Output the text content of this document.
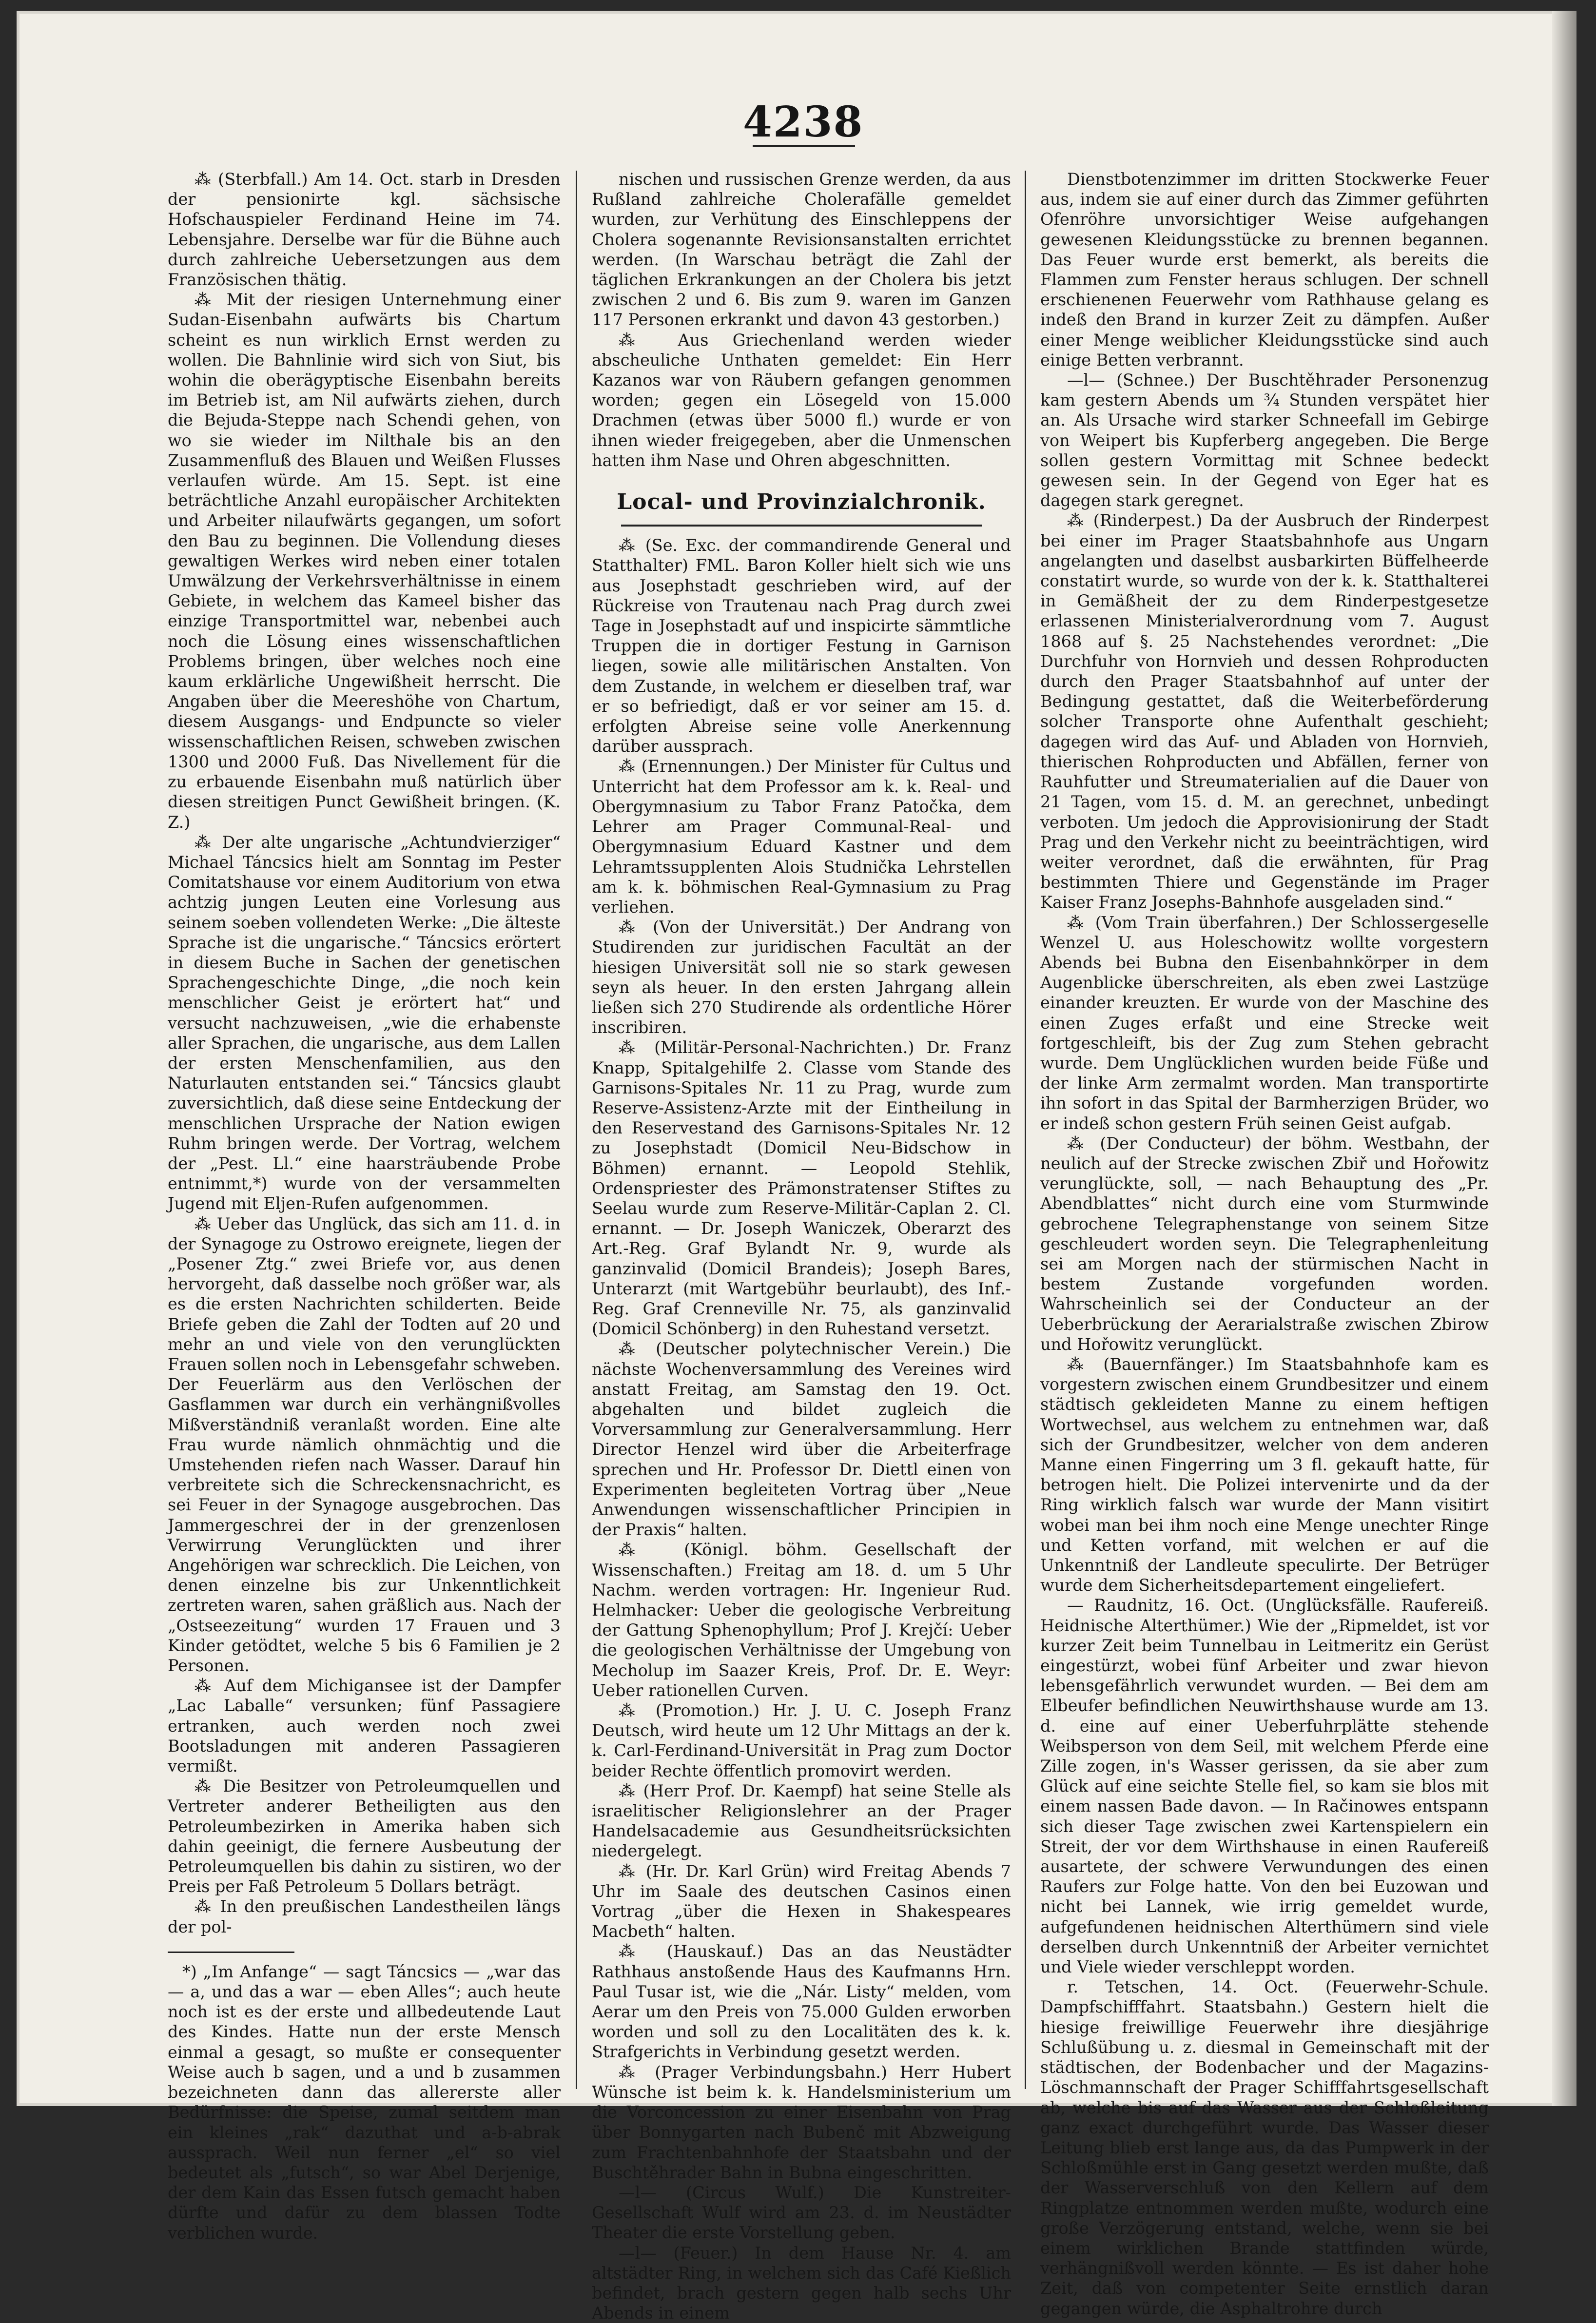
4238

⁂ (Sterbfall.) Am 14. Oct. starb in Dresden der pensionirte kgl. sächsische Hofschauspieler Ferdinand Heine im 74. Lebensjahre. Derselbe war für die Bühne auch durch zahlreiche Uebersetzungen aus dem Französischen thätig.

⁂ Mit der riesigen Unternehmung einer Sudan-Eisenbahn aufwärts bis Chartum scheint es nun wirklich Ernst werden zu wollen. Die Bahnlinie wird sich von Siut, bis wohin die oberägyptische Eisenbahn bereits im Betrieb ist, am Nil aufwärts ziehen, durch die Bejuda-Steppe nach Schendi gehen, von wo sie wieder im Nilthale bis an den Zusammenfluß des Blauen und Weißen Flusses verlaufen würde. Am 15. Sept. ist eine beträchtliche Anzahl europäischer Architekten und Arbeiter nilaufwärts gegangen, um sofort den Bau zu beginnen. Die Vollendung dieses gewaltigen Werkes wird neben einer totalen Umwälzung der Verkehrsverhältnisse in einem Gebiete, in welchem das Kameel bisher das einzige Transportmittel war, nebenbei auch noch die Lösung eines wissenschaftlichen Problems bringen, über welches noch eine kaum erklärliche Ungewißheit herrscht. Die Angaben über die Meereshöhe von Chartum, diesem Ausgangs- und Endpuncte so vieler wissenschaftlichen Reisen, schweben zwischen 1300 und 2000 Fuß. Das Nivellement für die zu erbauende Eisenbahn muß natürlich über diesen streitigen Punct Gewißheit bringen. (K. Z.)

⁂ Der alte ungarische „Achtundvierziger“ Michael Táncsics hielt am Sonntag im Pester Comitatshause vor einem Auditorium von etwa achtzig jungen Leuten eine Vorlesung aus seinem soeben vollendeten Werke: „Die älteste Sprache ist die ungarische.“ Táncsics erörtert in diesem Buche in Sachen der genetischen Sprachengeschichte Dinge, „die noch kein menschlicher Geist je erörtert hat“ und versucht nachzuweisen, „wie die erhabenste aller Sprachen, die ungarische, aus dem Lallen der ersten Menschenfamilien, aus den Naturlauten entstanden sei.“ Táncsics glaubt zuversichtlich, daß diese seine Entdeckung der menschlichen Ursprache der Nation ewigen Ruhm bringen werde. Der Vortrag, welchem der „Pest. Ll.“ eine haarsträubende Probe entnimmt,*) wurde von der versammelten Jugend mit Eljen-Rufen aufgenommen.

⁂ Ueber das Unglück, das sich am 11. d. in der Synagoge zu Ostrowo ereignete, liegen der „Posener Ztg.“ zwei Briefe vor, aus denen hervorgeht, daß dasselbe noch größer war, als es die ersten Nachrichten schilderten. Beide Briefe geben die Zahl der Todten auf 20 und mehr an und viele von den verunglückten Frauen sollen noch in Lebensgefahr schweben. Der Feuerlärm aus den Verlöschen der Gasflammen war durch ein verhängnißvolles Mißverständniß veranlaßt worden. Eine alte Frau wurde nämlich ohnmächtig und die Umstehenden riefen nach Wasser. Darauf hin verbreitete sich die Schreckensnachricht, es sei Feuer in der Synagoge ausgebrochen. Das Jammergeschrei der in der grenzenlosen Verwirrung Verunglückten und ihrer Angehörigen war schrecklich. Die Leichen, von denen einzelne bis zur Unkenntlichkeit zertreten waren, sahen gräßlich aus. Nach der „Ostseezeitung“ wurden 17 Frauen und 3 Kinder getödtet, welche 5 bis 6 Familien je 2 Personen.

⁂ Auf dem Michigansee ist der Dampfer „Lac Laballe“ versunken; fünf Passagiere ertranken, auch werden noch zwei Bootsladungen mit anderen Passagieren vermißt.

⁂ Die Besitzer von Petroleumquellen und Vertreter anderer Betheiligten aus den Petroleumbezirken in Amerika haben sich dahin geeinigt, die fernere Ausbeutung der Petroleumquellen bis dahin zu sistiren, wo der Preis per Faß Petroleum 5 Dollars beträgt.

⁂ In den preußischen Landestheilen längs der pol-

*) „Im Anfange“ — sagt Táncsics — „war das — a, und das a war — eben Alles“; auch heute noch ist es der erste und allbedeutende Laut des Kindes. Hatte nun der erste Mensch einmal a gesagt, so mußte er consequenter Weise auch b sagen, und a und b zusammen bezeichneten dann das allererste aller Bedürfnisse: die Speise, zumal seitdem man ein kleines „rak“ dazuthat und a-b-abrak aussprach. Weil nun ferner „el“ so viel bedeutet als „futsch“, so war Abel Derjenige, der dem Kain das Essen futsch gemacht haben dürfte und dafür zu dem blassen Todte verblichen wurde.

nischen und russischen Grenze werden, da aus Rußland zahlreiche Cholerafälle gemeldet wurden, zur Verhütung des Einschleppens der Cholera sogenannte Revisionsanstalten errichtet werden. (In Warschau beträgt die Zahl der täglichen Erkrankungen an der Cholera bis jetzt zwischen 2 und 6. Bis zum 9. waren im Ganzen 117 Personen erkrankt und davon 43 gestorben.)

⁂ Aus Griechenland werden wieder abscheuliche Unthaten gemeldet: Ein Herr Kazanos war von Räubern gefangen genommen worden; gegen ein Lösegeld von 15.000 Drachmen (etwas über 5000 fl.) wurde er von ihnen wieder freigegeben, aber die Unmenschen hatten ihm Nase und Ohren abgeschnitten.

Local- und Provinzialchronik.

⁂ (Se. Exc. der commandirende General und Statthalter) FML. Baron Koller hielt sich wie uns aus Josephstadt geschrieben wird, auf der Rückreise von Trautenau nach Prag durch zwei Tage in Josephstadt auf und inspicirte sämmtliche Truppen die in dortiger Festung in Garnison liegen, sowie alle militärischen Anstalten. Von dem Zustande, in welchem er dieselben traf, war er so befriedigt, daß er vor seiner am 15. d. erfolgten Abreise seine volle Anerkennung darüber aussprach.

⁂ (Ernennungen.) Der Minister für Cultus und Unterricht hat dem Professor am k. k. Real- und Obergymnasium zu Tabor Franz Patočka, dem Lehrer am Prager Communal-Real- und Obergymnasium Eduard Kastner und dem Lehramtssupplenten Alois Studnička Lehrstellen am k. k. böhmischen Real-Gymnasium zu Prag verliehen.

⁂ (Von der Universität.) Der Andrang von Studirenden zur juridischen Facultät an der hiesigen Universität soll nie so stark gewesen seyn als heuer. In den ersten Jahrgang allein ließen sich 270 Studirende als ordentliche Hörer inscribiren.

⁂ (Militär-Personal-Nachrichten.) Dr. Franz Knapp, Spitalgehilfe 2. Classe vom Stande des Garnisons-Spitales Nr. 11 zu Prag, wurde zum Reserve-Assistenz-Arzte mit der Eintheilung in den Reservestand des Garnisons-Spitales Nr. 12 zu Josephstadt (Domicil Neu-Bidschow in Böhmen) ernannt. — Leopold Stehlik, Ordenspriester des Prämonstratenser Stiftes zu Seelau wurde zum Reserve-Militär-Caplan 2. Cl. ernannt. — Dr. Joseph Waniczek, Oberarzt des Art.-Reg. Graf Bylandt Nr. 9, wurde als ganzinvalid (Domicil Brandeis); Joseph Bares, Unterarzt (mit Wartgebühr beurlaubt), des Inf.-Reg. Graf Crenneville Nr. 75, als ganzinvalid (Domicil Schönberg) in den Ruhestand versetzt.

⁂ (Deutscher polytechnischer Verein.) Die nächste Wochenversammlung des Vereines wird anstatt Freitag, am Samstag den 19. Oct. abgehalten und bildet zugleich die Vorversammlung zur Generalversammlung. Herr Director Henzel wird über die Arbeiterfrage sprechen und Hr. Professor Dr. Diettl einen von Experimenten begleiteten Vortrag über „Neue Anwendungen wissenschaftlicher Principien in der Praxis“ halten.

⁂ (Königl. böhm. Gesellschaft der Wissenschaften.) Freitag am 18. d. um 5 Uhr Nachm. werden vortragen: Hr. Ingenieur Rud. Helmhacker: Ueber die geologische Verbreitung der Gattung Sphenophyllum; Prof J. Krejčí: Ueber die geologischen Verhältnisse der Umgebung von Mecholup im Saazer Kreis, Prof. Dr. E. Weyr: Ueber rationellen Curven.

⁂ (Promotion.) Hr. J. U. C. Joseph Franz Deutsch, wird heute um 12 Uhr Mittags an der k. k. Carl-Ferdinand-Universität in Prag zum Doctor beider Rechte öffentlich promovirt werden.

⁂ (Herr Prof. Dr. Kaempf) hat seine Stelle als israelitischer Religionslehrer an der Prager Handelsacademie aus Gesundheitsrücksichten niedergelegt.

⁂ (Hr. Dr. Karl Grün) wird Freitag Abends 7 Uhr im Saale des deutschen Casinos einen Vortrag „über die Hexen in Shakespeares Macbeth“ halten.

⁂ (Hauskauf.) Das an das Neustädter Rathhaus anstoßende Haus des Kaufmanns Hrn. Paul Tusar ist, wie die „Nár. Listy“ melden, vom Aerar um den Preis von 75.000 Gulden erworben worden und soll zu den Localitäten des k. k. Strafgerichts in Verbindung gesetzt werden.

⁂ (Prager Verbindungsbahn.) Herr Hubert Wünsche ist beim k. k. Handelsministerium um die Vorconcession zu einer Eisenbahn von Prag über Bonnygarten nach Bubenč mit Abzweigung zum Frachtenbahnhofe der Staatsbahn und der Buschtěhrader Bahn in Bubna eingeschritten.

—l— (Circus Wulf.) Die Kunstreiter-Gesellschaft Wulf wird am 23. d. im Neustädter Theater die erste Vorstellung geben.

—l— (Feuer.) In dem Hause Nr. 4. am altstädter Ring, in welchem sich das Café Kießlich befindet, brach gestern gegen halb sechs Uhr Abends in einem

Dienstbotenzimmer im dritten Stockwerke Feuer aus, indem sie auf einer durch das Zimmer geführten Ofenröhre unvorsichtiger Weise aufgehangen gewesenen Kleidungsstücke zu brennen begannen. Das Feuer wurde erst bemerkt, als bereits die Flammen zum Fenster heraus schlugen. Der schnell erschienenen Feuerwehr vom Rathhause gelang es indeß den Brand in kurzer Zeit zu dämpfen. Außer einer Menge weiblicher Kleidungsstücke sind auch einige Betten verbrannt.

—l— (Schnee.) Der Buschtěhrader Personenzug kam gestern Abends um ¾ Stunden verspätet hier an. Als Ursache wird starker Schneefall im Gebirge von Weipert bis Kupferberg angegeben. Die Berge sollen gestern Vormittag mit Schnee bedeckt gewesen sein. In der Gegend von Eger hat es dagegen stark geregnet.

⁂ (Rinderpest.) Da der Ausbruch der Rinderpest bei einer im Prager Staatsbahnhofe aus Ungarn angelangten und daselbst ausbarkirten Büffelheerde constatirt wurde, so wurde von der k. k. Statthalterei in Gemäßheit der zu dem Rinderpestgesetze erlassenen Ministerialverordnung vom 7. August 1868 auf §. 25 Nachstehendes verordnet: „Die Durchfuhr von Hornvieh und dessen Rohproducten durch den Prager Staatsbahnhof auf unter der Bedingung gestattet, daß die Weiterbeförderung solcher Transporte ohne Aufenthalt geschieht; dagegen wird das Auf- und Abladen von Hornvieh, thierischen Rohproducten und Abfällen, ferner von Rauhfutter und Streumaterialien auf die Dauer von 21 Tagen, vom 15. d. M. an gerechnet, unbedingt verboten. Um jedoch die Approvisionirung der Stadt Prag und den Verkehr nicht zu beeinträchtigen, wird weiter verordnet, daß die erwähnten, für Prag bestimmten Thiere und Gegenstände im Prager Kaiser Franz Josephs-Bahnhofe ausgeladen sind.“

⁂ (Vom Train überfahren.) Der Schlossergeselle Wenzel U. aus Holeschowitz wollte vorgestern Abends bei Bubna den Eisenbahnkörper in dem Augenblicke überschreiten, als eben zwei Lastzüge einander kreuzten. Er wurde von der Maschine des einen Zuges erfaßt und eine Strecke weit fortgeschleift, bis der Zug zum Stehen gebracht wurde. Dem Unglücklichen wurden beide Füße und der linke Arm zermalmt worden. Man transportirte ihn sofort in das Spital der Barmherzigen Brüder, wo er indeß schon gestern Früh seinen Geist aufgab.

⁂ (Der Conducteur) der böhm. Westbahn, der neulich auf der Strecke zwischen Zbiř und Hořowitz verunglückte, soll, — nach Behauptung des „Pr. Abendblattes“ nicht durch eine vom Sturmwinde gebrochene Telegraphenstange von seinem Sitze geschleudert worden seyn. Die Telegraphenleitung sei am Morgen nach der stürmischen Nacht in bestem Zustande vorgefunden worden. Wahrscheinlich sei der Conducteur an der Ueberbrückung der Aerarialstraße zwischen Zbirow und Hořowitz verunglückt.

⁂ (Bauernfänger.) Im Staatsbahnhofe kam es vorgestern zwischen einem Grundbesitzer und einem städtisch gekleideten Manne zu einem heftigen Wortwechsel, aus welchem zu entnehmen war, daß sich der Grundbesitzer, welcher von dem anderen Manne einen Fingerring um 3 fl. gekauft hatte, für betrogen hielt. Die Polizei intervenirte und da der Ring wirklich falsch war wurde der Mann visitirt wobei man bei ihm noch eine Menge unechter Ringe und Ketten vorfand, mit welchen er auf die Unkenntniß der Landleute speculirte. Der Betrüger wurde dem Sicherheitsdepartement eingeliefert.

— Raudnitz, 16. Oct. (Unglücksfälle. Raufereiß. Heidnische Alterthümer.) Wie der „Ripmeldet, ist vor kurzer Zeit beim Tunnelbau in Leitmeritz ein Gerüst eingestürzt, wobei fünf Arbeiter und zwar hievon lebensgefährlich verwundet wurden. — Bei dem am Elbeufer befindlichen Neuwirthshause wurde am 13. d. eine auf einer Ueberfuhrplätte stehende Weibsperson von dem Seil, mit welchem Pferde eine Zille zogen, in's Wasser gerissen, da sie aber zum Glück auf eine seichte Stelle fiel, so kam sie blos mit einem nassen Bade davon. — In Račinowes entspann sich dieser Tage zwischen zwei Kartenspielern ein Streit, der vor dem Wirthshause in einen Raufereiß ausartete, der schwere Verwundungen des einen Raufers zur Folge hatte. Von den bei Euzowan und nicht bei Lannek, wie irrig gemeldet wurde, aufgefundenen heidnischen Alterthümern sind viele derselben durch Unkenntniß der Arbeiter vernichtet und Viele wieder verschleppt worden.

r. Tetschen, 14. Oct. (Feuerwehr-Schule. Dampfschifffahrt. Staatsbahn.) Gestern hielt die hiesige freiwillige Feuerwehr ihre diesjährige Schlußübung u. z. diesmal in Gemeinschaft mit der städtischen, der Bodenbacher und der Magazins-Löschmannschaft der Prager Schifffahrtsgesellschaft ab, welche bis auf das Wasser aus der Schloßleitung ganz exact durchgeführt wurde. Das Wasser dieser Leitung blieb erst lange aus, da das Pumpwerk in der Schloßmühle erst in Gang gesetzt werden mußte, daß der Wasserverschluß von den Kellern auf dem Ringplatze entnommen werden mußte, wodurch eine große Verzögerung entstand, welche, wenn sie bei einem wirklichen Brande stattfinden würde, verhängnißvoll werden könnte. — Es ist daher hohe Zeit, daß von competenter Seite ernstlich daran gegangen würde, die Asphaltrohre durch
